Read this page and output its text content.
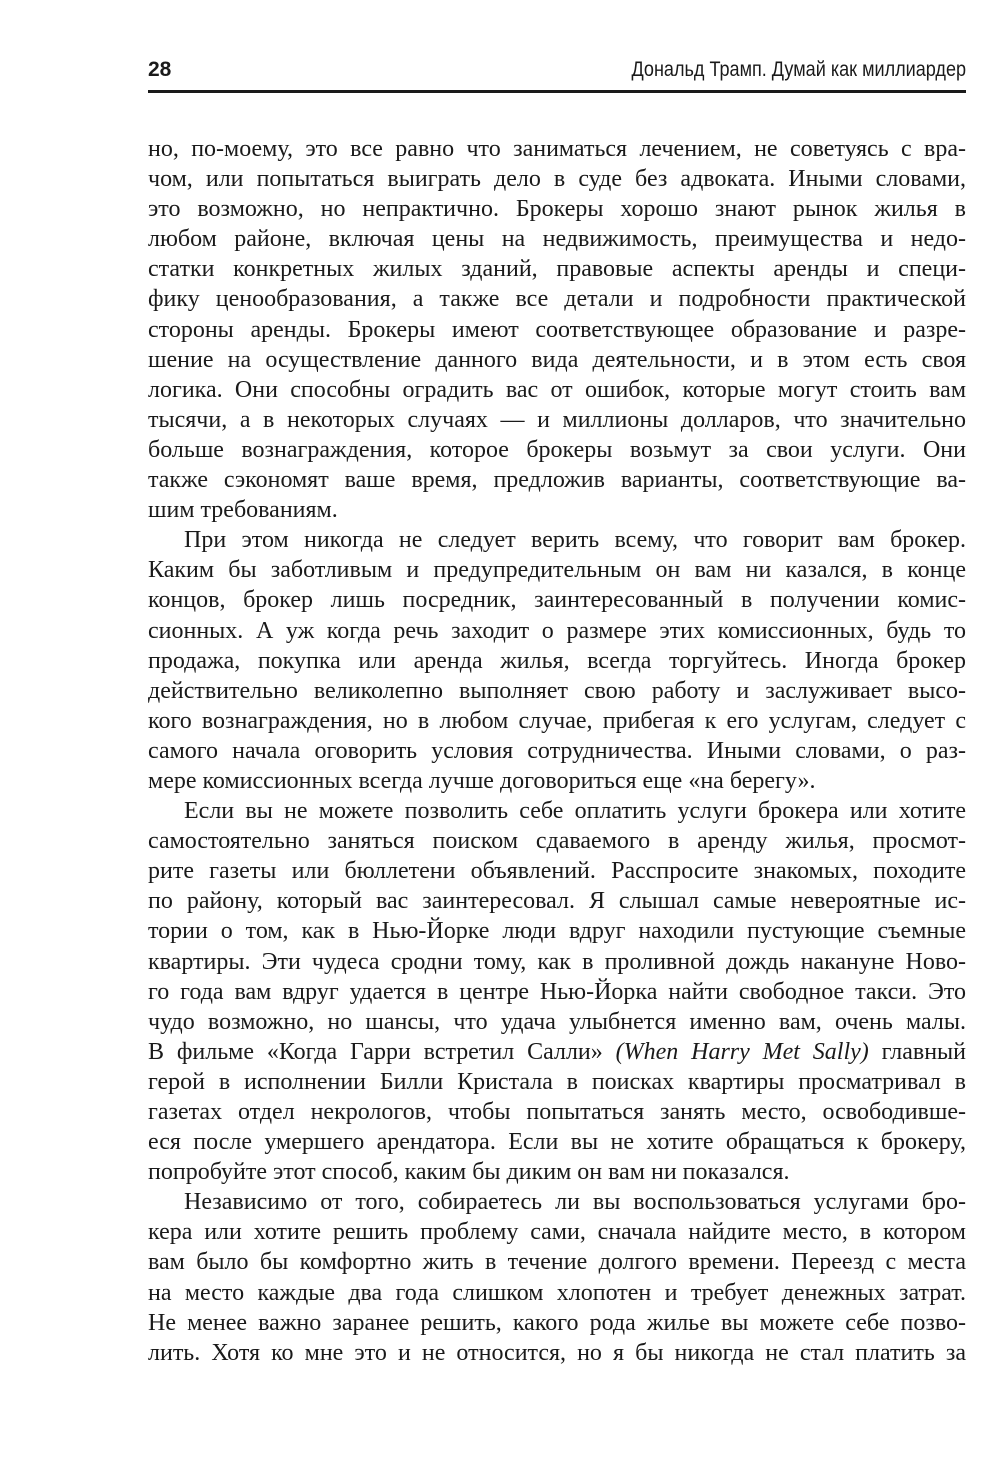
28	Дональд Трамп. Думай как миллиардер
но, по-моему, это все равно что заниматься лечением, не советуясь с вра-
чом, или попытаться выиграть дело в суде без адвоката. Иными словами,
это возможно, но непрактично. Брокеры хорошо знают рынок жилья в
любом районе, включая цены на недвижимость, преимущества и недо-
статки конкретных жилых зданий, правовые аспекты аренды и специ-
фику ценообразования, а также все детали и подробности практической
стороны аренды. Брокеры имеют соответствующее образование и разре-
шение на осуществление данного вида деятельности, и в этом есть своя
логика. Они способны оградить вас от ошибок, которые могут стоить вам
тысячи, а в некоторых случаях — и миллионы долларов, что значительно
больше вознаграждения, которое брокеры возьмут за свои услуги. Они
также сэкономят ваше время, предложив варианты, соответствующие ва-
шим требованиям.
При этом никогда не следует верить всему, что говорит вам брокер.
Каким бы заботливым и предупредительным он вам ни казался, в конце
концов, брокер лишь посредник, заинтересованный в получении комис-
сионных. А уж когда речь заходит о размере этих комиссионных, будь то
продажа, покупка или аренда жилья, всегда торгуйтесь. Иногда брокер
действительно великолепно выполняет свою работу и заслуживает высо-
кого вознаграждения, но в любом случае, прибегая к его услугам, следует с
самого начала оговорить условия сотрудничества. Иными словами, о раз-
мере комиссионных всегда лучше договориться еще «на берегу».
Если вы не можете позволить себе оплатить услуги брокера или хотите
самостоятельно заняться поиском сдаваемого в аренду жилья, просмот-
рите газеты или бюллетени объявлений. Расспросите знакомых, походите
по району, который вас заинтересовал. Я слышал самые невероятные ис-
тории о том, как в Нью-Йорке люди вдруг находили пустующие съемные
квартиры. Эти чудеса сродни тому, как в проливной дождь накануне Ново-
го года вам вдруг удается в центре Нью-Йорка найти свободное такси. Это
чудо возможно, но шансы, что удача улыбнется именно вам, очень малы.
В фильме «Когда Гарри встретил Салли» (When Harry Met Sally) главный
герой в исполнении Билли Кристала в поисках квартиры просматривал в
газетах отдел некрологов, чтобы попытаться занять место, освободивше-
еся после умершего арендатора. Если вы не хотите обращаться к брокеру,
попробуйте этот способ, каким бы диким он вам ни показался.
Независимо от того, собираетесь ли вы воспользоваться услугами бро-
кера или хотите решить проблему сами, сначала найдите место, в котором
вам было бы комфортно жить в течение долгого времени. Переезд с места
на место каждые два года слишком хлопотен и требует денежных затрат.
Не менее важно заранее решить, какого рода жилье вы можете себе позво-
лить. Хотя ко мне это и не относится, но я бы никогда не стал платить за
